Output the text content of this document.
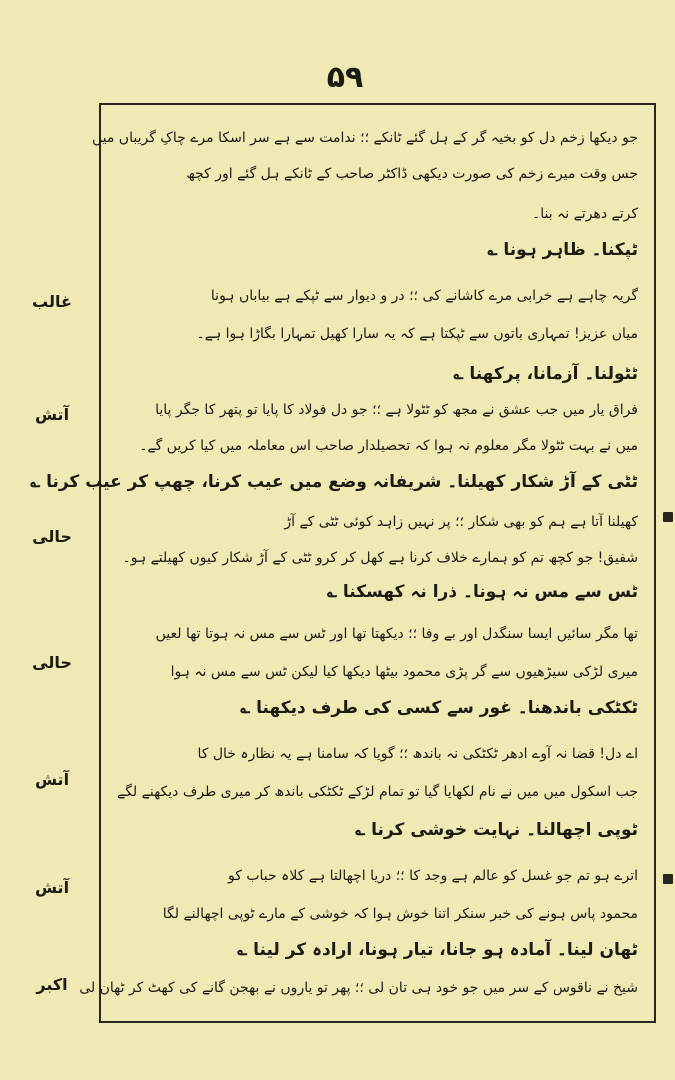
۵۹
جو دیکھا زخم دل کو بخیہ گر کے ہل گئے ٹانکے ؛؛ ندامت سے ہے سر اسکا مرے چاکِ گریباں میں
جس وقت میرے زخم کی صورت دیکھی ڈاکٹر صاحب کے ٹانکے ہل گئے اور کچھ
کرتے دھرتے نہ بنا۔
ٹپکنا۔ ظاہر ہونا ؎
گریہ چاہے ہے خرابی مرے کاشانے کی ؛؛ در و دیوار سے ٹپکے ہے بیاباں ہونا
میاں عزیز! تمہاری باتوں سے ٹپکتا ہے کہ یہ سارا کھیل تمہارا بگاڑا ہوا ہے۔
ٹٹولنا۔ آزمانا، پرکھنا ؎
فراق یار میں جب عشق نے مجھ کو ٹٹولا ہے ؛؛ جو دل فولاد کا پایا تو پتھر کا جگر پایا
میں نے بہت ٹٹولا مگر معلوم نہ ہوا کہ تحصیلدار صاحب اس معاملہ میں کیا کریں گے۔
ٹٹی کے آڑ شکار کھیلنا۔ شریفانہ وضع میں عیب کرنا، چھپ کر عیب کرنا ؎
کھیلنا آتا ہے ہم کو بھی شکار ؛؛ پر نہیں زاہد کوئی ٹٹی کے آڑ
شفیق! جو کچھ تم کو ہمارے خلاف کرنا ہے کھل کر کرو ٹٹی کے آڑ شکار کیوں کھیلتے ہو۔
ٹس سے مس نہ ہونا۔ ذرا نہ کھسکنا ؎
تھا مگر سائیں ایسا سنگدل اور بے وفا ؛؛ دیکھتا تھا اور ٹس سے مس نہ ہوتا تھا لعیں
میری لڑکی سیڑھیوں سے گر پڑی محمود بیٹھا دیکھا کیا لیکن ٹس سے مس نہ ہوا
ٹکٹکی باندھنا۔ غور سے کسی کی طرف دیکھنا ؎
اے دل! قضا نہ آوے ادھر ٹکٹکی نہ باندھ ؛؛ گویا کہ سامنا ہے یہ نظارہ خال کا
جب اسکول میں میں نے نام لکھایا گیا تو تمام لڑکے ٹکٹکی باندھ کر میری طرف دیکھنے لگے
ٹوپی اچھالنا۔ نہایت خوشی کرنا ؎
اترے ہو تم جو غسل کو عالم ہے وجد کا ؛؛ دریا اچھالتا ہے کلاہ حباب کو
محمود پاس ہونے کی خبر سنکر اتنا خوش ہوا کہ خوشی کے مارے ٹوپی اچھالنے لگا
ٹھان لینا۔ آمادہ ہو جانا، تیار ہونا، ارادہ کر لینا ؎
شیخ نے ناقوس کے سر میں جو خود ہی تان لی ؛؛ پھر تو یاروں نے بھجن گانے کی کھٹ کر ٹھان لی
غالب
آتش
حالی
حالی
آتش
آتش
اکبر
